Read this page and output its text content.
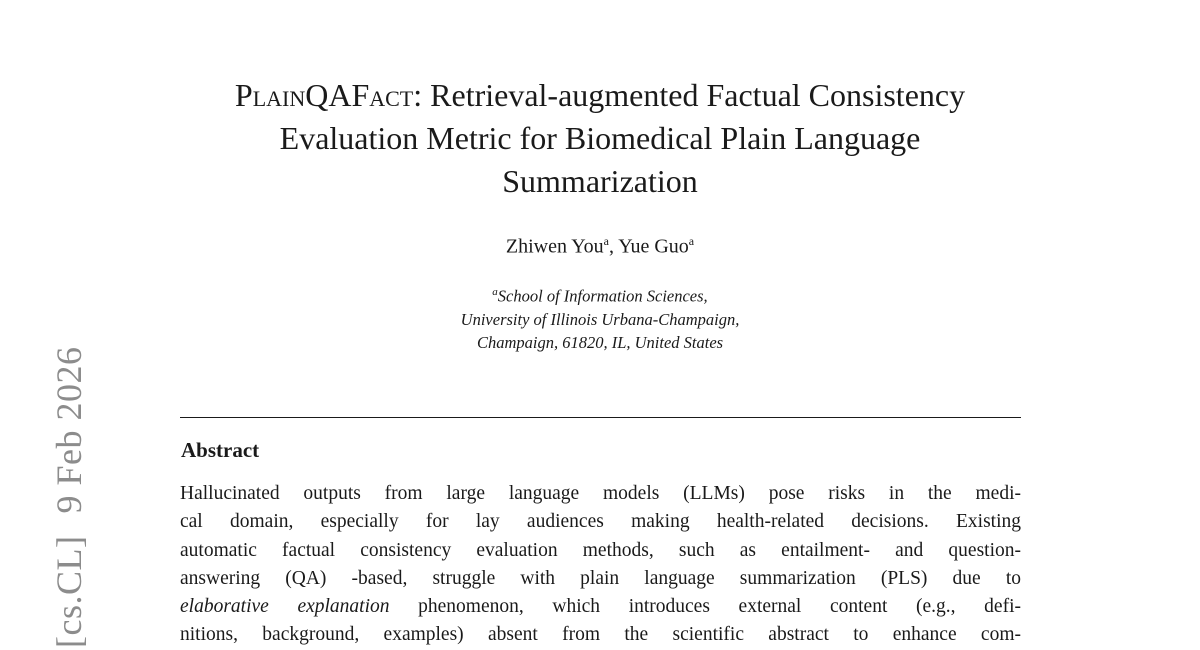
[cs.CL]9 Feb 2026
PlainQAFact: Retrieval-augmented Factual Consistency
Evaluation Metric for Biomedical Plain Language
Summarization
Zhiwen You$^a$, Yue Guo$^a$
$^a$School of Information Sciences,
University of Illinois Urbana-Champaign,
Champaign, 61820, IL, United States
Abstract
Hallucinated outputs from large language models (LLMs) pose risks in the medi-
cal domain, especially for lay audiences making health-related decisions. Existing
automatic factual consistency evaluation methods, such as entailment- and question-
answering (QA) -based, struggle with plain language summarization (PLS) due to
elaborative explanation phenomenon, which introduces external content (e.g., defi-
nitions, background, examples) absent from the scientific abstract to enhance com-
